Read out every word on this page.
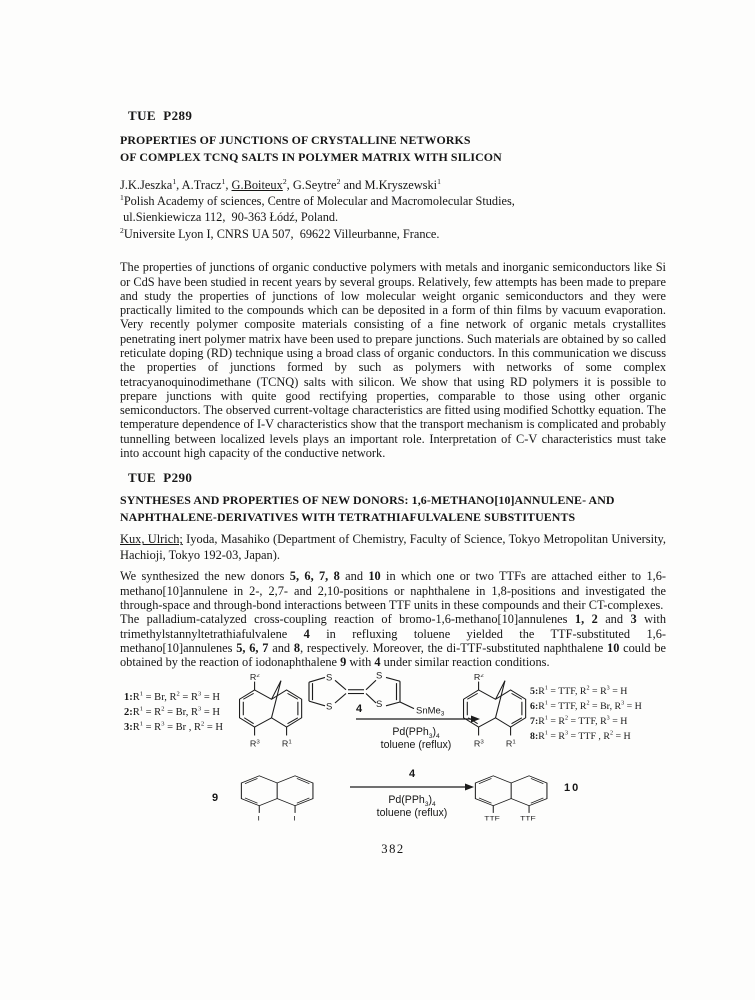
TUE  P289
PROPERTIES OF JUNCTIONS OF CRYSTALLINE NETWORKS
OF COMPLEX TCNQ SALTS IN POLYMER MATRIX WITH SILICON
J.K.Jeszka$^1$, A.Tracz$^1$, G.Boiteux$^2$, G.Seytre$^2$ and M.Kryszewski$^1$
$^1$Polish Academy of sciences, Centre of Molecular and Macromolecular Studies,
ul.Sienkiewicza 112,  90-363 Łódź, Poland.
$^2$Universite Lyon I, CNRS UA 507,  69622 Villeurbanne, France.
The properties of junctions of organic conductive polymers with metals and inorganic semiconductors like Si or CdS have been studied in recent years by several groups. Relatively, few attempts has been made to prepare and study the properties of junctions of low molecular weight organic semiconductors and they were practically limited to the compounds which can be deposited in a form of thin films by vacuum evaporation. Very recently polymer composite materials consisting of a fine network of organic metals crystallites penetrating inert polymer matrix have been used to prepare junctions. Such materials are obtained by so called reticulate doping (RD) technique using a broad class of organic conductors. In this communication we discuss the properties of junctions formed by such as polymers with networks of some complex tetracyanoquinodimethane (TCNQ) salts with silicon. We show that using RD polymers it is possible to prepare junctions with quite good rectifying properties, comparable to those using other organic semiconductors. The observed current-voltage characteristics are fitted using modified Schottky equation. The temperature dependence of I-V characteristics show that the transport mechanism is complicated and probably tunnelling between localized levels plays an important role. Interpretation of C-V characteristics must take into account high capacity of the conductive network.
TUE  P290
SYNTHESES AND PROPERTIES OF NEW DONORS: 1,6-METHANO[10]ANNULENE- AND
NAPHTHALENE-DERIVATIVES WITH TETRATHIAFULVALENE SUBSTITUENTS
Kux, Ulrich; Iyoda, Masahiko (Department of Chemistry, Faculty of Science, Tokyo Metropolitan University, Hachioji, Tokyo 192-03, Japan).
We synthesized the new donors 5, 6, 7, 8 and 10 in which one or two TTFs are attached either to 1,6-methano[10]annulene in 2-, 2,7- and 2,10-positions or naphthalene in 1,8-positions and investigated the through-space and through-bond interactions between TTF units in these compounds and their CT-complexes.
The palladium-catalyzed cross-coupling reaction of bromo-1,6-methano[10]annulenes 1, 2 and 3 with trimethylstannyltetrathiafulvalene 4 in refluxing toluene yielded the TTF-substituted 1,6-methano[10]annulenes 5, 6, 7 and 8, respectively. Moreover, the di-TTF-substituted naphthalene 10 could be obtained by the reaction of iodonaphthalene 9 with 4 under similar reaction conditions.
$1:R^1 = Br$, $R^2 = R^3 = H$
$2:R^1 = R^2 = Br$, $R^3 = H$
$3:R^1 = R^3 = Br$ , $R^2 = H$
$R^2$
$R^3$ $R^1$
S
S
S
S
SnMe$_3$
4
$Pd(PPh_3)_4$
toluene (reflux)
$R^2$
$R^3$ $R^1$
$5:R^1$ = TTF, $R^2 = R^3 = H$
$6:R^1$ = TTF, $R^2 = Br$, $R^3 = H$
$7:R^1 = R^2$ = TTF, $R^3 = H$
$8:R^1 = R^3$ = TTF , $R^2 = H$
9
I	I
4
$Pd(PPh_3)_4$
toluene (reflux)	TTF TTF
10
382
